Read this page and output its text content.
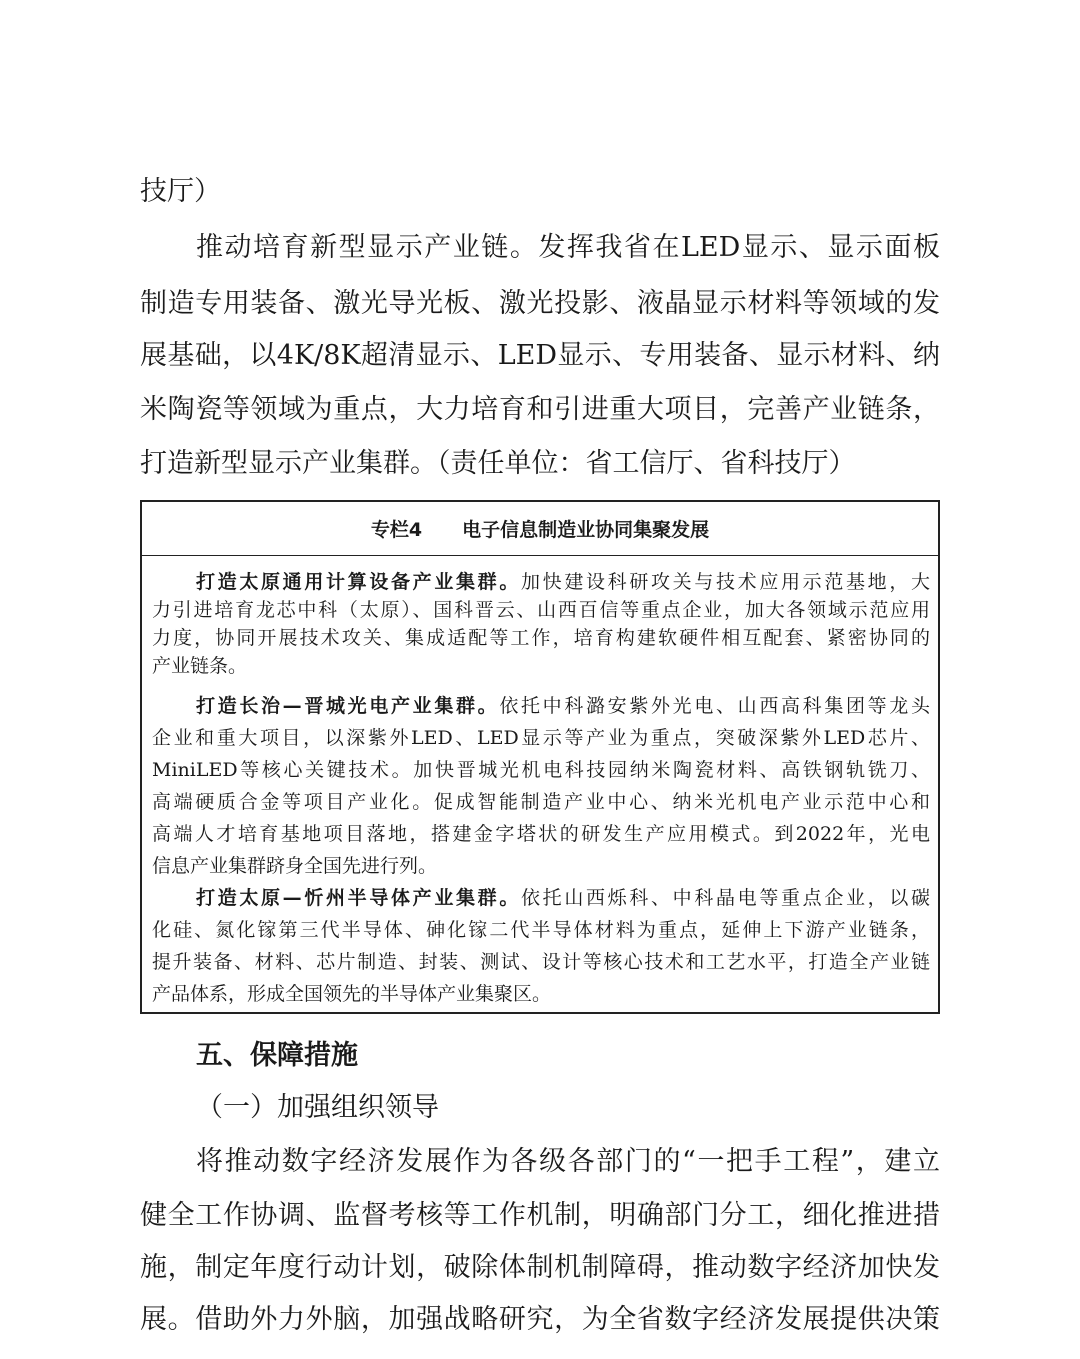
技厅）
推动培育新型显示产业链。发挥我省在LED显示、显示面板
制造专用装备、激光导光板、激光投影、液晶显示材料等领域的发
展基础，以4K/8K超清显示、LED显示、专用装备、显示材料、纳
米陶瓷等领域为重点，大力培育和引进重大项目，完善产业链条，
打造新型显示产业集群。（责任单位：省工信厅、省科技厅）
专栏4 电子信息制造业协同集聚发展
打造太原通用计算设备产业集群。加快建设科研攻关与技术应用示范基地，大
力引进培育龙芯中科（太原）、国科晋云、山西百信等重点企业，加大各领域示范应用
力度，协同开展技术攻关、集成适配等工作，培育构建软硬件相互配套、紧密协同的
产业链条。
打造长治—晋城光电产业集群。依托中科潞安紫外光电、山西高科集团等龙头
企业和重大项目，以深紫外LED、LED显示等产业为重点，突破深紫外LED芯片、
MiniLED等核心关键技术。加快晋城光机电科技园纳米陶瓷材料、高铁钢轨铣刀、
高端硬质合金等项目产业化。促成智能制造产业中心、纳米光机电产业示范中心和
高端人才培育基地项目落地，搭建金字塔状的研发生产应用模式。到2022年，光电
信息产业集群跻身全国先进行列。
打造太原—忻州半导体产业集群。依托山西烁科、中科晶电等重点企业，以碳
化硅、氮化镓第三代半导体、砷化镓二代半导体材料为重点，延伸上下游产业链条，
提升装备、材料、芯片制造、封装、测试、设计等核心技术和工艺水平，打造全产业链
产品体系，形成全国领先的半导体产业集聚区。
五、保障措施
（一）加强组织领导
将推动数字经济发展作为各级各部门的“一把手工程”，建立
健全工作协调、监督考核等工作机制，明确部门分工，细化推进措
施，制定年度行动计划，破除体制机制障碍，推动数字经济加快发
展。借助外力外脑，加强战略研究，为全省数字经济发展提供决策
